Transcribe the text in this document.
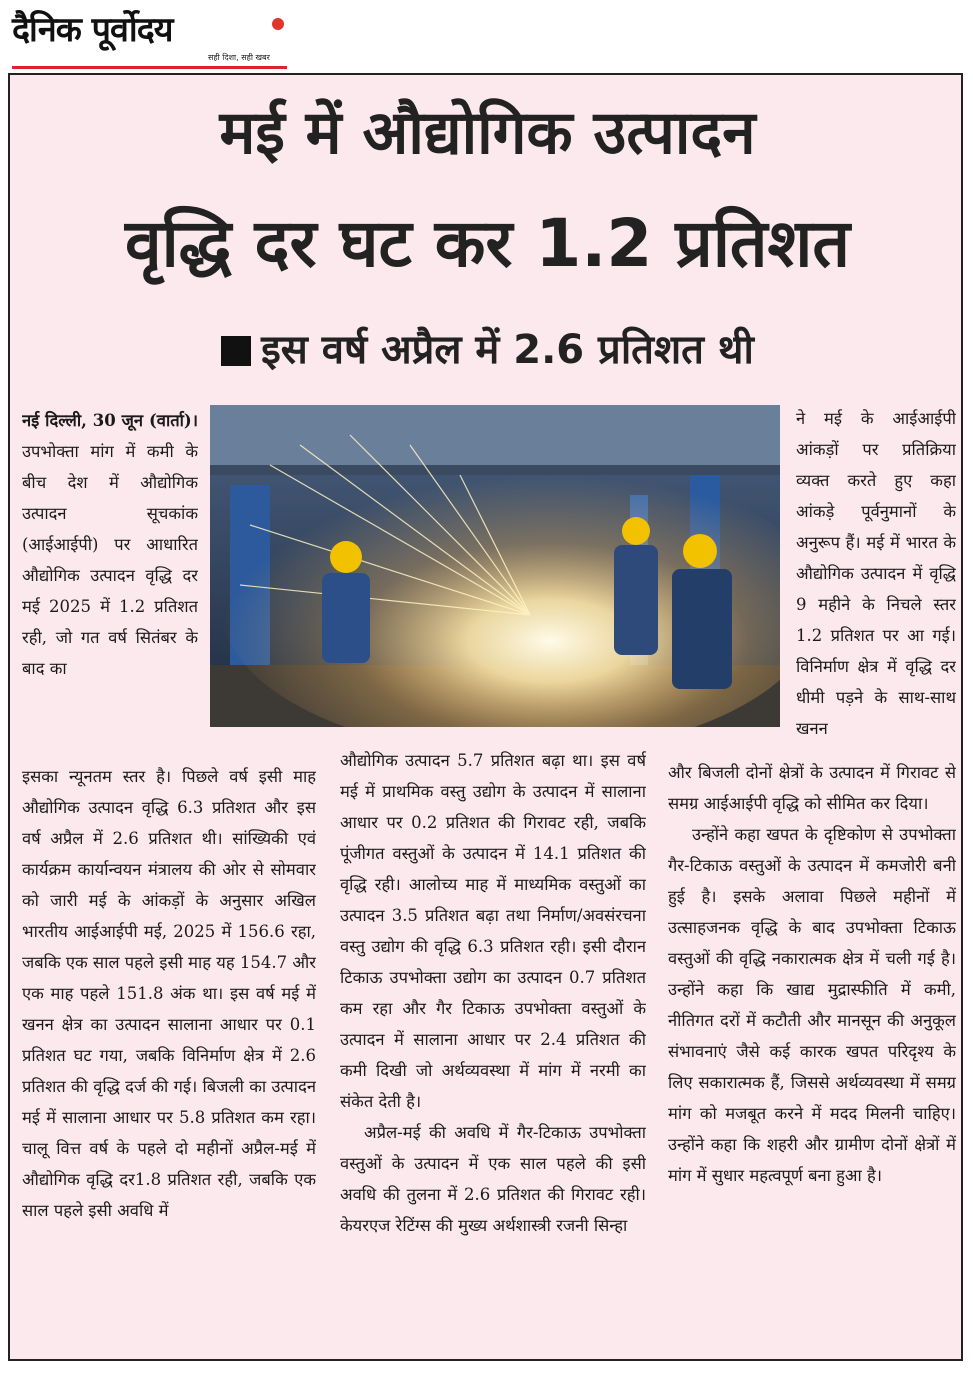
दैनिक पूर्वोदय
सही दिशा, सही खबर
मई में औद्योगिक उत्पादन
वृद्धि दर घट कर 1.2 प्रतिशत
इस वर्ष अप्रैल में 2.6 प्रतिशत थी

नई दिल्ली, 30 जून (वार्ता)। उपभोक्ता मांग में कमी के बीच देश में औद्योगिक उत्पादन सूचकांक (आईआईपी) पर आधारित औद्योगिक उत्पादन वृद्धि दर मई 2025 में 1.2 प्रतिशत रही, जो गत वर्ष सितंबर के बाद का

ने मई के आईआईपी आंकड़ों पर प्रतिक्रिया व्यक्त करते हुए कहा आंकड़े पूर्वनुमानों के अनुरूप हैं। मई में भारत के औद्योगिक उत्पादन में वृद्धि 9 महीने के निचले स्तर 1.2 प्रतिशत पर आ गई। विनिर्माण क्षेत्र में वृद्धि दर धीमी पड़ने के साथ-साथ खनन

इसका न्यूनतम स्तर है। पिछले वर्ष इसी माह औद्योगिक उत्पादन वृद्धि 6.3 प्रतिशत और इस वर्ष अप्रैल में 2.6 प्रतिशत थी। सांख्यिकी एवं कार्यक्रम कार्यान्वयन मंत्रालय की ओर से सोमवार को जारी मई के आंकड़ों के अनुसार अखिल भारतीय आईआईपी मई, 2025 में 156.6 रहा, जबकि एक साल पहले इसी माह यह 154.7 और एक माह पहले 151.8 अंक था। इस वर्ष मई में खनन क्षेत्र का उत्पादन सालाना आधार पर 0.1 प्रतिशत घट गया, जबकि विनिर्माण क्षेत्र में 2.6 प्रतिशत की वृद्धि दर्ज की गई। बिजली का उत्पादन मई में सालाना आधार पर 5.8 प्रतिशत कम रहा। चालू वित्त वर्ष के पहले दो महीनों अप्रैल-मई में औद्योगिक वृद्धि दर1.8 प्रतिशत रही, जबकि एक साल पहले इसी अवधि में

औद्योगिक उत्पादन 5.7 प्रतिशत बढ़ा था। इस वर्ष मई में प्राथमिक वस्तु उद्योग के उत्पादन में सालाना आधार पर 0.2 प्रतिशत की गिरावट रही, जबकि पूंजीगत वस्तुओं के उत्पादन में 14.1 प्रतिशत की वृद्धि रही। आलोच्य माह में माध्यमिक वस्तुओं का उत्पादन 3.5 प्रतिशत बढ़ा तथा निर्माण/अवसंरचना वस्तु उद्योग की वृद्धि 6.3 प्रतिशत रही। इसी दौरान टिकाऊ उपभोक्ता उद्योग का उत्पादन 0.7 प्रतिशत कम रहा और गैर टिकाऊ उपभोक्ता वस्तुओं के उत्पादन में सालाना आधार पर 2.4 प्रतिशत की कमी दिखी जो अर्थव्यवस्था में मांग में नरमी का संकेत देती है।

अप्रैल-मई की अवधि में गैर-टिकाऊ उपभोक्ता वस्तुओं के उत्पादन में एक साल पहले की इसी अवधि की तुलना में 2.6 प्रतिशत की गिरावट रही। केयरएज रेटिंग्स की मुख्य अर्थशास्त्री रजनी सिन्हा

और बिजली दोनों क्षेत्रों के उत्पादन में गिरावट से समग्र आईआईपी वृद्धि को सीमित कर दिया।

उन्होंने कहा खपत के दृष्टिकोण से उपभोक्ता गैर-टिकाऊ वस्तुओं के उत्पादन में कमजोरी बनी हुई है। इसके अलावा पिछले महीनों में उत्साहजनक वृद्धि के बाद उपभोक्ता टिकाऊ वस्तुओं की वृद्धि नकारात्मक क्षेत्र में चली गई है। उन्होंने कहा कि खाद्य मुद्रास्फीति में कमी, नीतिगत दरों में कटौती और मानसून की अनुकूल संभावनाएं जैसे कई कारक खपत परिदृश्य के लिए सकारात्मक हैं, जिससे अर्थव्यवस्था में समग्र मांग को मजबूत करने में मदद मिलनी चाहिए। उन्होंने कहा कि शहरी और ग्रामीण दोनों क्षेत्रों में मांग में सुधार महत्वपूर्ण बना हुआ है।
